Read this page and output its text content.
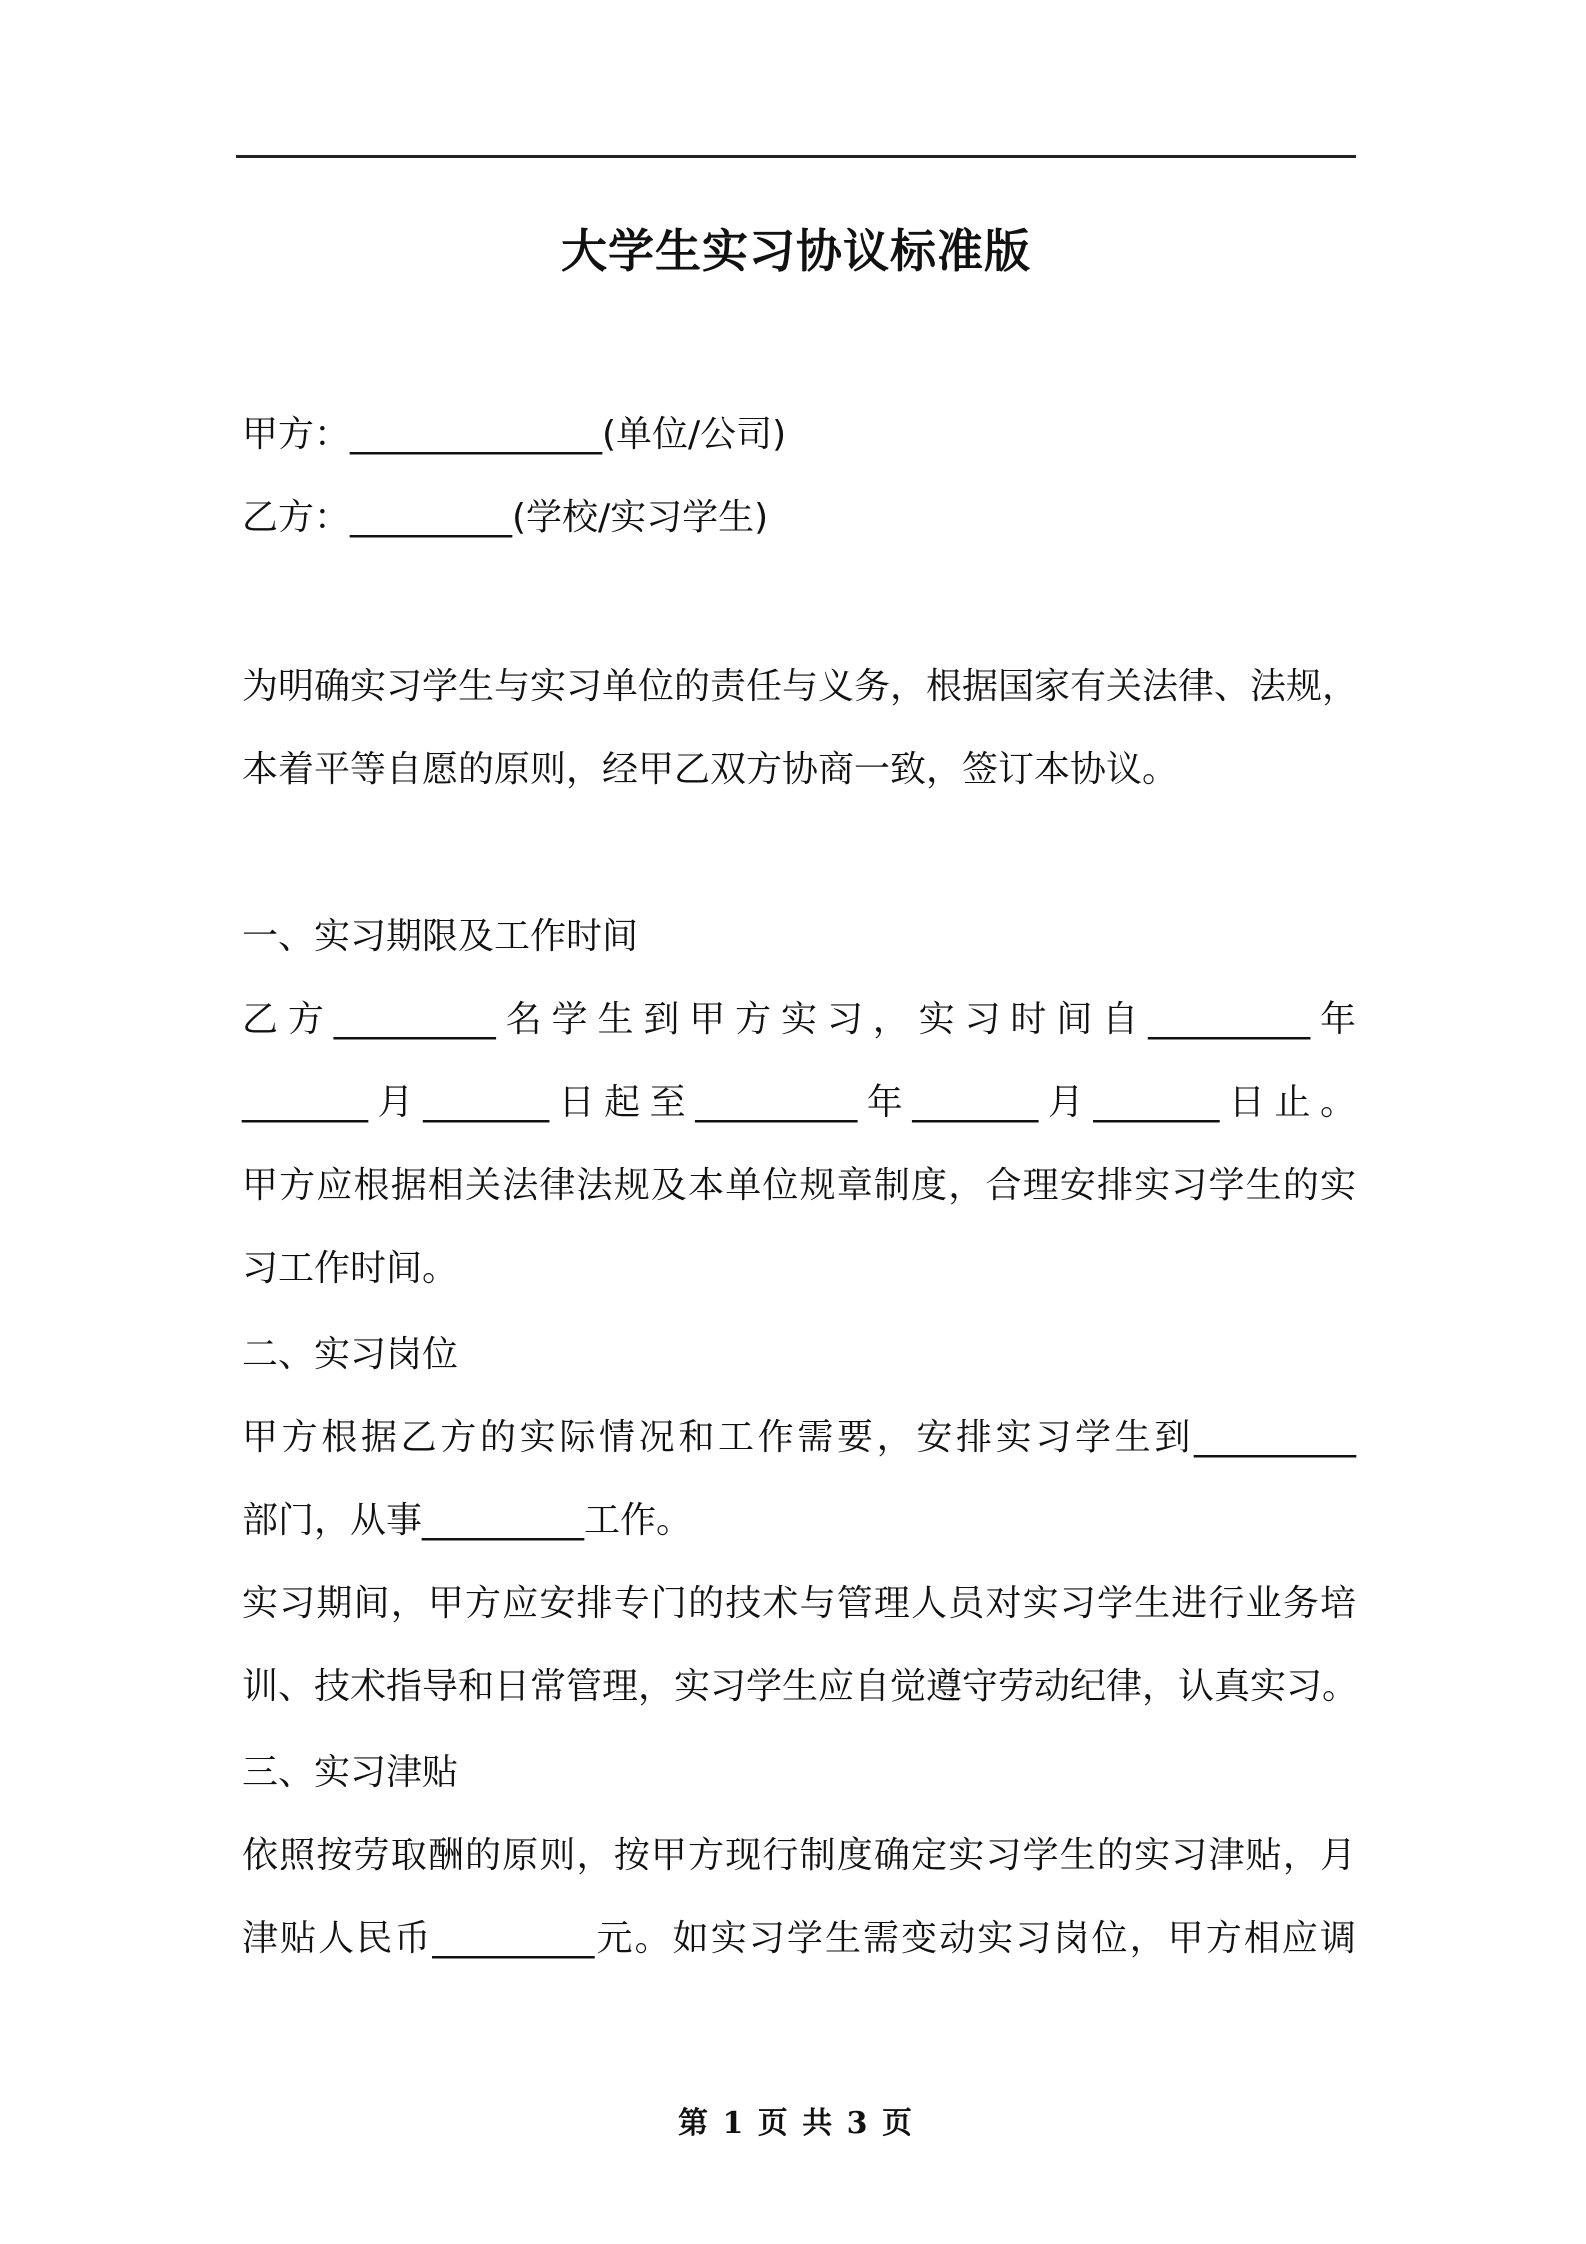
大学生实习协议标准版
甲方：______________(单位/公司)
乙方：_________(学校/实习学生)
为明确实习学生与实习单位的责任与义务，根据国家有关法律、法规，
本着平等自愿的原则，经甲乙双方协商一致，签订本协议。
一、实习期限及工作时间
乙方_________名学生到甲方实习，实习时间自_________年
_______月_______日起至_________年_______月_______日止。
甲方应根据相关法律法规及本单位规章制度，合理安排实习学生的实
习工作时间。
二、实习岗位
甲方根据乙方的实际情况和工作需要，安排实习学生到_________
部门，从事_________工作。
实习期间，甲方应安排专门的技术与管理人员对实习学生进行业务培
训、技术指导和日常管理，实习学生应自觉遵守劳动纪律，认真实习。
三、实习津贴
依照按劳取酬的原则，按甲方现行制度确定实习学生的实习津贴，月
津贴人民币_________元。如实习学生需变动实习岗位，甲方相应调
第 1 页 共 3 页
